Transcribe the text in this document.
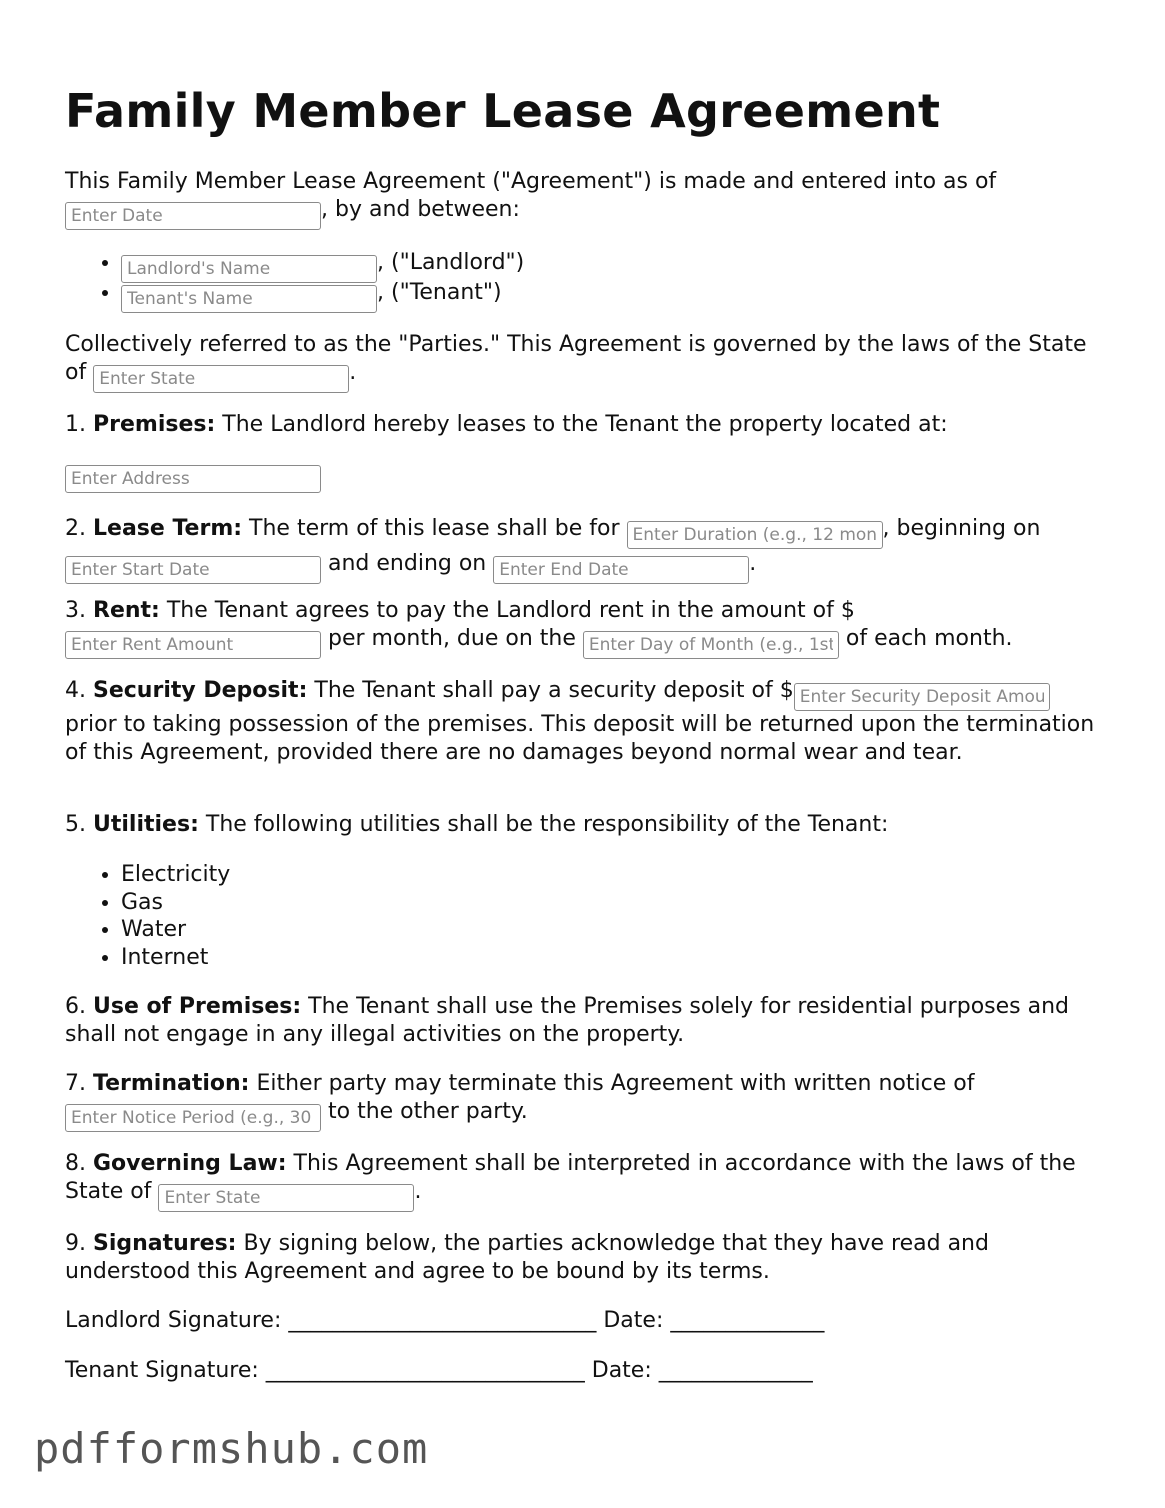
Family Member Lease Agreement
This Family Member Lease Agreement ("Agreement") is made and entered into as of
Enter Date, by and between:
Landlord's Name • , ("Landlord")
Tenant's Name • , ("Tenant")
Collectively referred to as the "Parties." This Agreement is governed by the laws of the State of Enter State	.
1. Premises: The Landlord hereby leases to the Tenant the property located at:
Enter Address
2. Lease Term: The term of this lease shall be for Enter Duration (e.g., 12 months)	, beginning on
Enter Start Date and ending on Enter End Date	.
3. Rent: The Tenant agrees to pay the Landlord rent in the amount of $
Enter Rent Amount per month, due on the Enter Day of Month (e.g., 1st)	of each month.
4. Security Deposit: The Tenant shall pay a security deposit of $Enter Security Deposit Amount prior to taking possession of the premises. This deposit will be returned upon the termination of this Agreement, provided there are no damages beyond normal wear and tear.
5. Utilities: The following utilities shall be the responsibility of the Tenant:
• Electricity
• Gas
• Water
• Internet
6. Use of Premises: The Tenant shall use the Premises solely for residential purposes and shall not engage in any illegal activities on the property.
7. Termination: Either party may terminate this Agreement with written notice of
Enter Notice Period (e.g., 30 days) to the other party.
8. Governing Law: This Agreement shall be interpreted in accordance with the laws of the State of Enter State	.
9. Signatures: By signing below, the parties acknowledge that they have read and understood this Agreement and agree to be bound by its terms.
Landlord Signature: ____________________________ Date: ______________
Tenant Signature: _____________________________ Date: ______________
pdfformshub.com
